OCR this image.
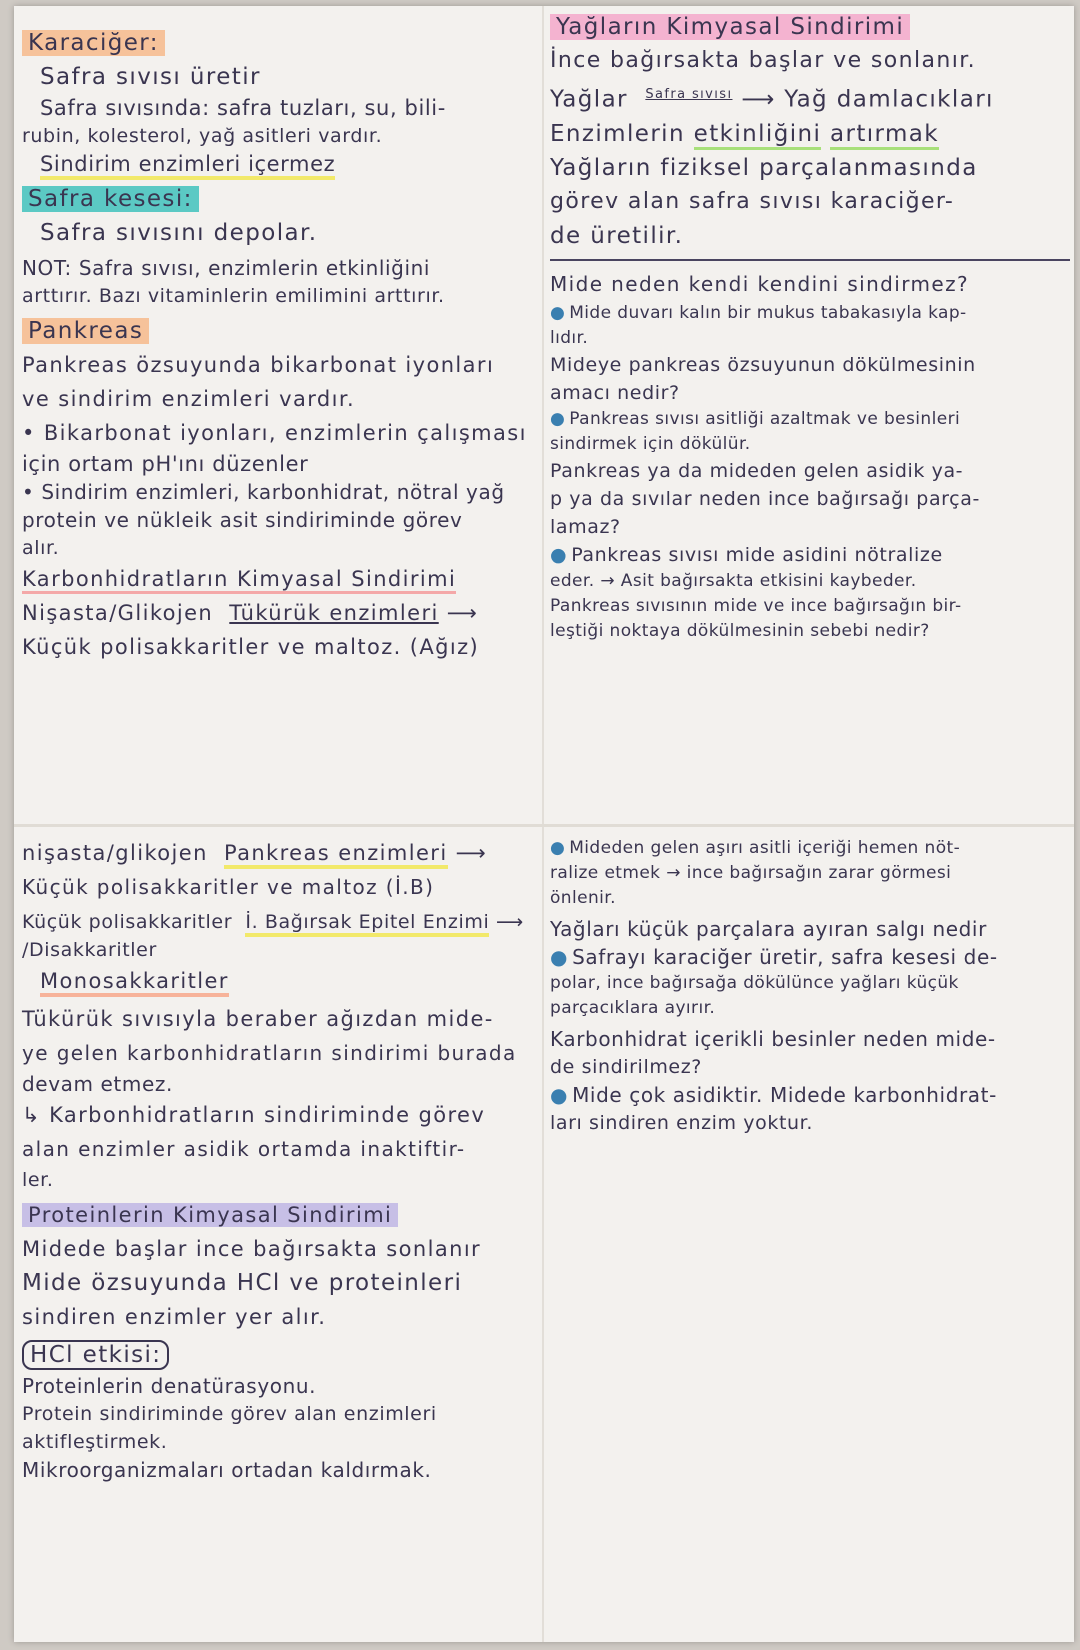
Karaciğer:
Safra sıvısı üretir
Safra sıvısında: safra tuzları, su, bili-
rubin, kolesterol, yağ asitleri vardır.
Sindirim enzimleri içermez
Safra kesesi:
Safra sıvısını depolar.
NOT: Safra sıvısı, enzimlerin etkinliğini
arttırır. Bazı vitaminlerin emilimini arttırır.
Pankreas
Pankreas özsuyunda bikarbonat iyonları
ve sindirim enzimleri vardır.
• Bikarbonat iyonları, enzimlerin çalışması
için ortam pH'ını düzenler
• Sindirim enzimleri, karbonhidrat, nötral yağ
protein ve nükleik asit sindiriminde görev
alır.
Karbonhidratların Kimyasal Sindirimi
Nişasta/Glikojen Tükürük enzimleri ⟶
Küçük polisakkaritler ve maltoz. (Ağız)
nişasta/glikojen Pankreas enzimleri ⟶
Küçük polisakkaritler ve maltoz (İ.B)
Küçük polisakkaritler İ. Bağırsak Epitel Enzimi ⟶
/Disakkaritler
Monosakkaritler
Tükürük sıvısıyla beraber ağızdan mide-
ye gelen karbonhidratların sindirimi burada
devam etmez.
↳ Karbonhidratların sindiriminde görev
alan enzimler asidik ortamda inaktiftir-
ler.
Proteinlerin Kimyasal Sindirimi
Midede başlar ince bağırsakta sonlanır
Mide özsuyunda HCl ve proteinleri
sindiren enzimler yer alır.
HCl etkisi:
Proteinlerin denatürasyonu.
Protein sindiriminde görev alan enzimleri
aktifleştirmek.
Mikroorganizmaları ortadan kaldırmak.
Yağların Kimyasal Sindirimi
İnce bağırsakta başlar ve sonlanır.
Yağlar $^{Safra sıvısı}$ ⟶ Yağ damlacıkları
Enzimlerin etkinliğini artırmak
Yağların fiziksel parçalanmasında
görev alan safra sıvısı karaciğer-
de üretilir.
Mide neden kendi kendini sindirmez?
● Mide duvarı kalın bir mukus tabakasıyla kap-
lıdır.
Mideye pankreas özsuyunun dökülmesinin
amacı nedir?
● Pankreas sıvısı asitliği azaltmak ve besinleri
sindirmek için dökülür.
Pankreas ya da mideden gelen asidik ya-
p ya da sıvılar neden ince bağırsağı parça-
lamaz?
● Pankreas sıvısı mide asidini nötralize
eder. → Asit bağırsakta etkisini kaybeder.
Pankreas sıvısının mide ve ince bağırsağın bir-
leştiği noktaya dökülmesinin sebebi nedir?
● Mideden gelen aşırı asitli içeriği hemen nöt-
ralize etmek → ince bağırsağın zarar görmesi
önlenir.
Yağları küçük parçalara ayıran salgı nedir
● Safrayı karaciğer üretir, safra kesesi de-
polar, ince bağırsağa dökülünce yağları küçük
parçacıklara ayırır.
Karbonhidrat içerikli besinler neden mide-
de sindirilmez?
● Mide çok asidiktir. Midede karbonhidrat-
ları sindiren enzim yoktur.
